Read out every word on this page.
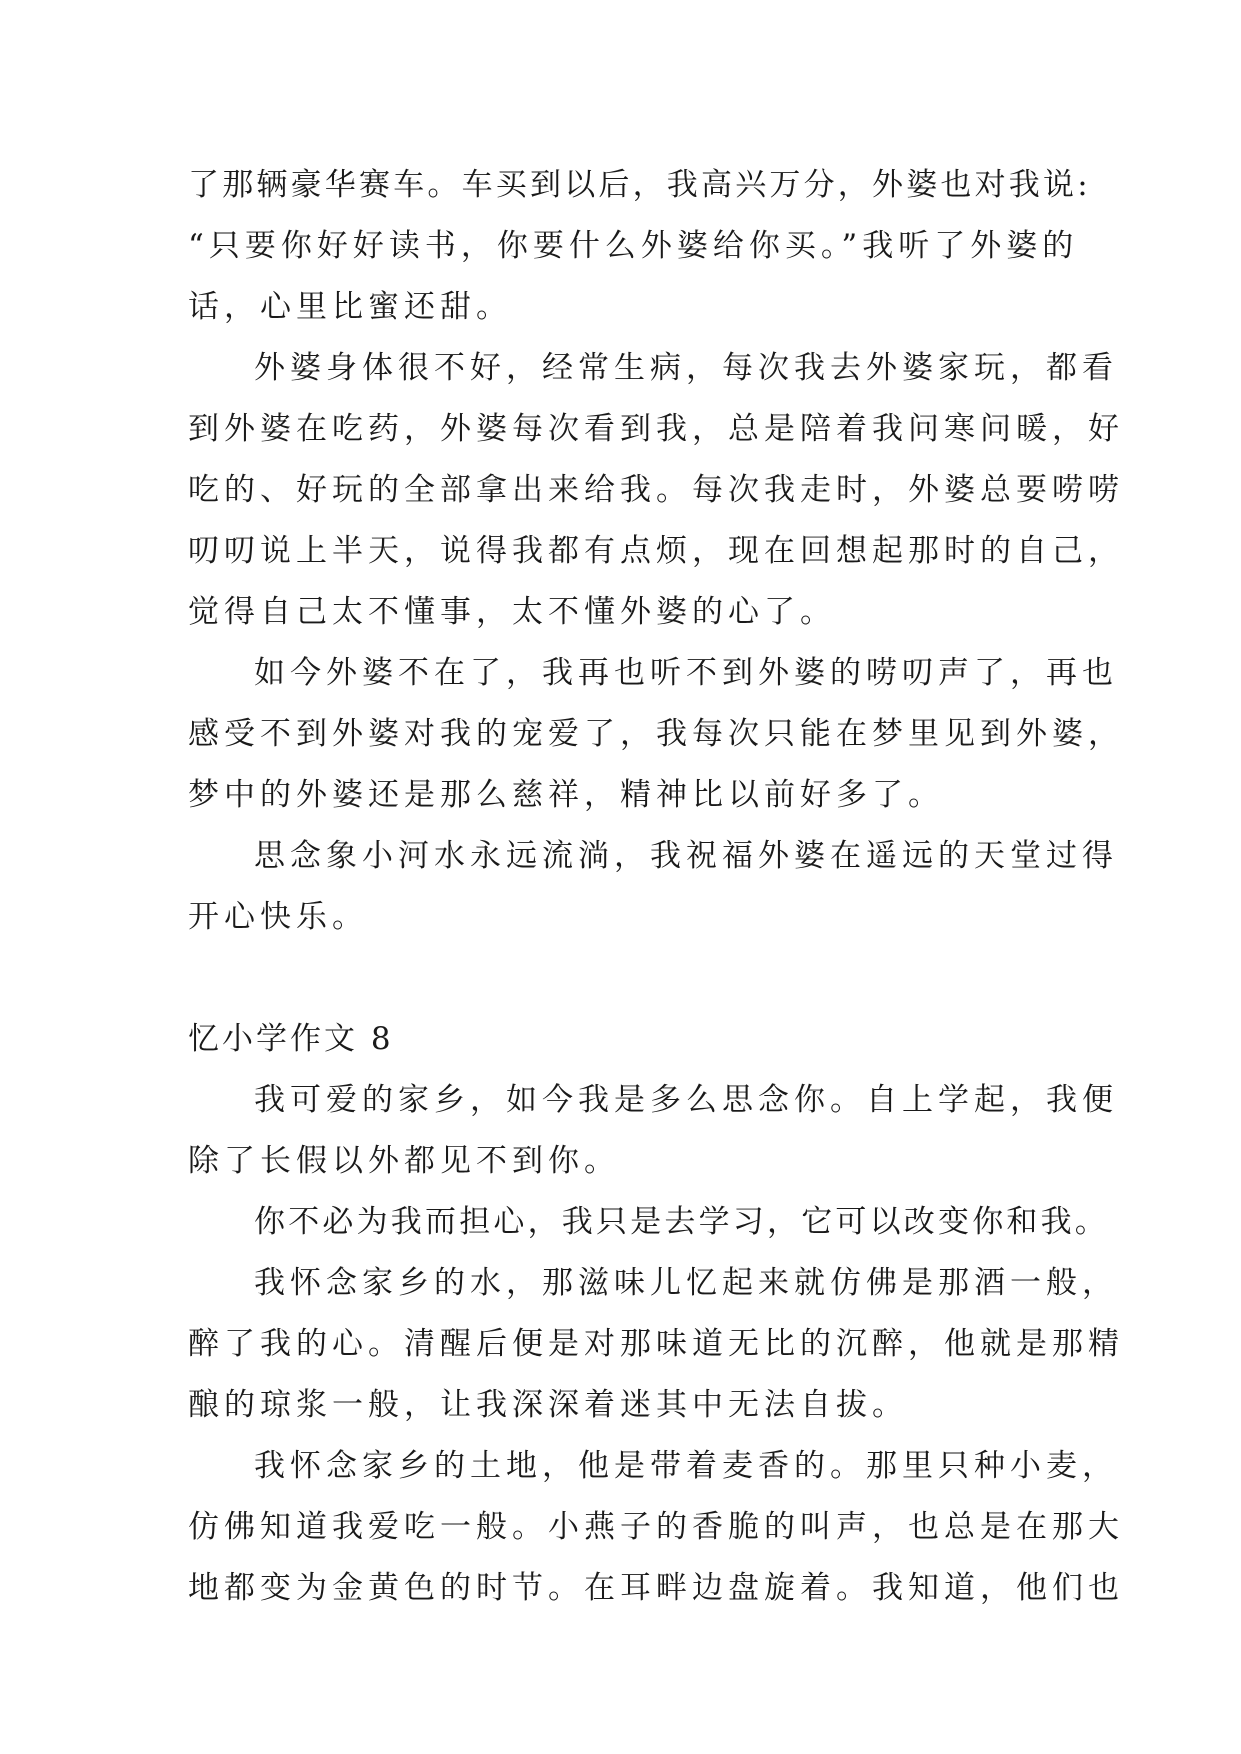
了那辆豪华赛车。车买到以后，我高兴万分，外婆也对我说:
“只要你好好读书，你要什么外婆给你买。”我听了外婆的
话，心里比蜜还甜。
外婆身体很不好，经常生病，每次我去外婆家玩，都看
到外婆在吃药，外婆每次看到我，总是陪着我问寒问暖，好
吃的、好玩的全部拿出来给我。每次我走时，外婆总要唠唠
叨叨说上半天，说得我都有点烦，现在回想起那时的自己，
觉得自己太不懂事，太不懂外婆的心了。
如今外婆不在了，我再也听不到外婆的唠叨声了，再也
感受不到外婆对我的宠爱了，我每次只能在梦里见到外婆，
梦中的外婆还是那么慈祥，精神比以前好多了。
思念象小河水永远流淌，我祝福外婆在遥远的天堂过得
开心快乐。
忆小学作文 8
我可爱的家乡，如今我是多么思念你。自上学起，我便
除了长假以外都见不到你。
你不必为我而担心，我只是去学习，它可以改变你和我。
我怀念家乡的水，那滋味儿忆起来就仿佛是那酒一般，
醉了我的心。清醒后便是对那味道无比的沉醉，他就是那精
酿的琼浆一般，让我深深着迷其中无法自拔。
我怀念家乡的土地，他是带着麦香的。那里只种小麦，
仿佛知道我爱吃一般。小燕子的香脆的叫声，也总是在那大
地都变为金黄色的时节。在耳畔边盘旋着。我知道，他们也
